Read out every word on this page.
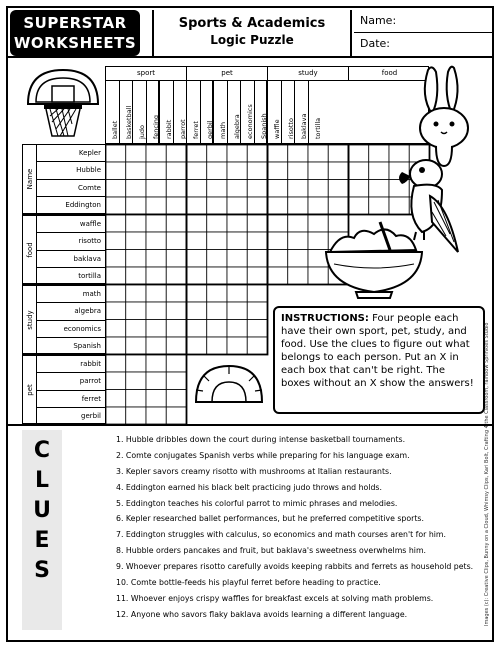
SUPERSTAR
WORKSHEETS
Sports & Academics
Logic Puzzle
Name:
Date:
sport	pet	study	food
ballet basketball judo fencing rabbit parrot ferret gerbil math algebra economics Spanish waffle risotto baklava tortilla
Name
Kepler
Hubble
Comte
Eddington
food
waffle
risotto
baklava
tortilla
study
math
algebra
economics
Spanish
pet
rabbit
parrot
ferret
gerbil
INSTRUCTIONS: Four people each have their own sport, pet, study, and food. Use the clues to figure out what belongs to each person. Put an X in each box that can't be right. The boxes without an X show the answers!
C
L
U
E
S
1. Hubble dribbles down the court during intense basketball tournaments.
2. Comte conjugates Spanish verbs while preparing for his language exam.
3. Kepler savors creamy risotto with mushrooms at Italian restaurants.
4. Eddington earned his black belt practicing judo throws and holds.
5. Eddington teaches his colorful parrot to mimic phrases and melodies.
6. Kepler researched ballet performances, but he preferred competitive sports.
7. Eddington struggles with calculus, so economics and math courses aren't for him.
8. Hubble orders pancakes and fruit, but baklava's sweetness overwhelms him.
9. Whoever prepares risotto carefully avoids keeping rabbits and ferrets as household pets.
10. Comte bottle-feeds his playful ferret before heading to practice.
11. Whoever enjoys crispy waffles for breakfast excels at solving math problems.
12. Anyone who savors flaky baklava avoids learning a different language.	Images (c): Creative Clips, Bunny on a Cloud, Whimsy Clips, Kari Bolt, Crafting 4 the Classroom, rainbow Sprinkles Studio
